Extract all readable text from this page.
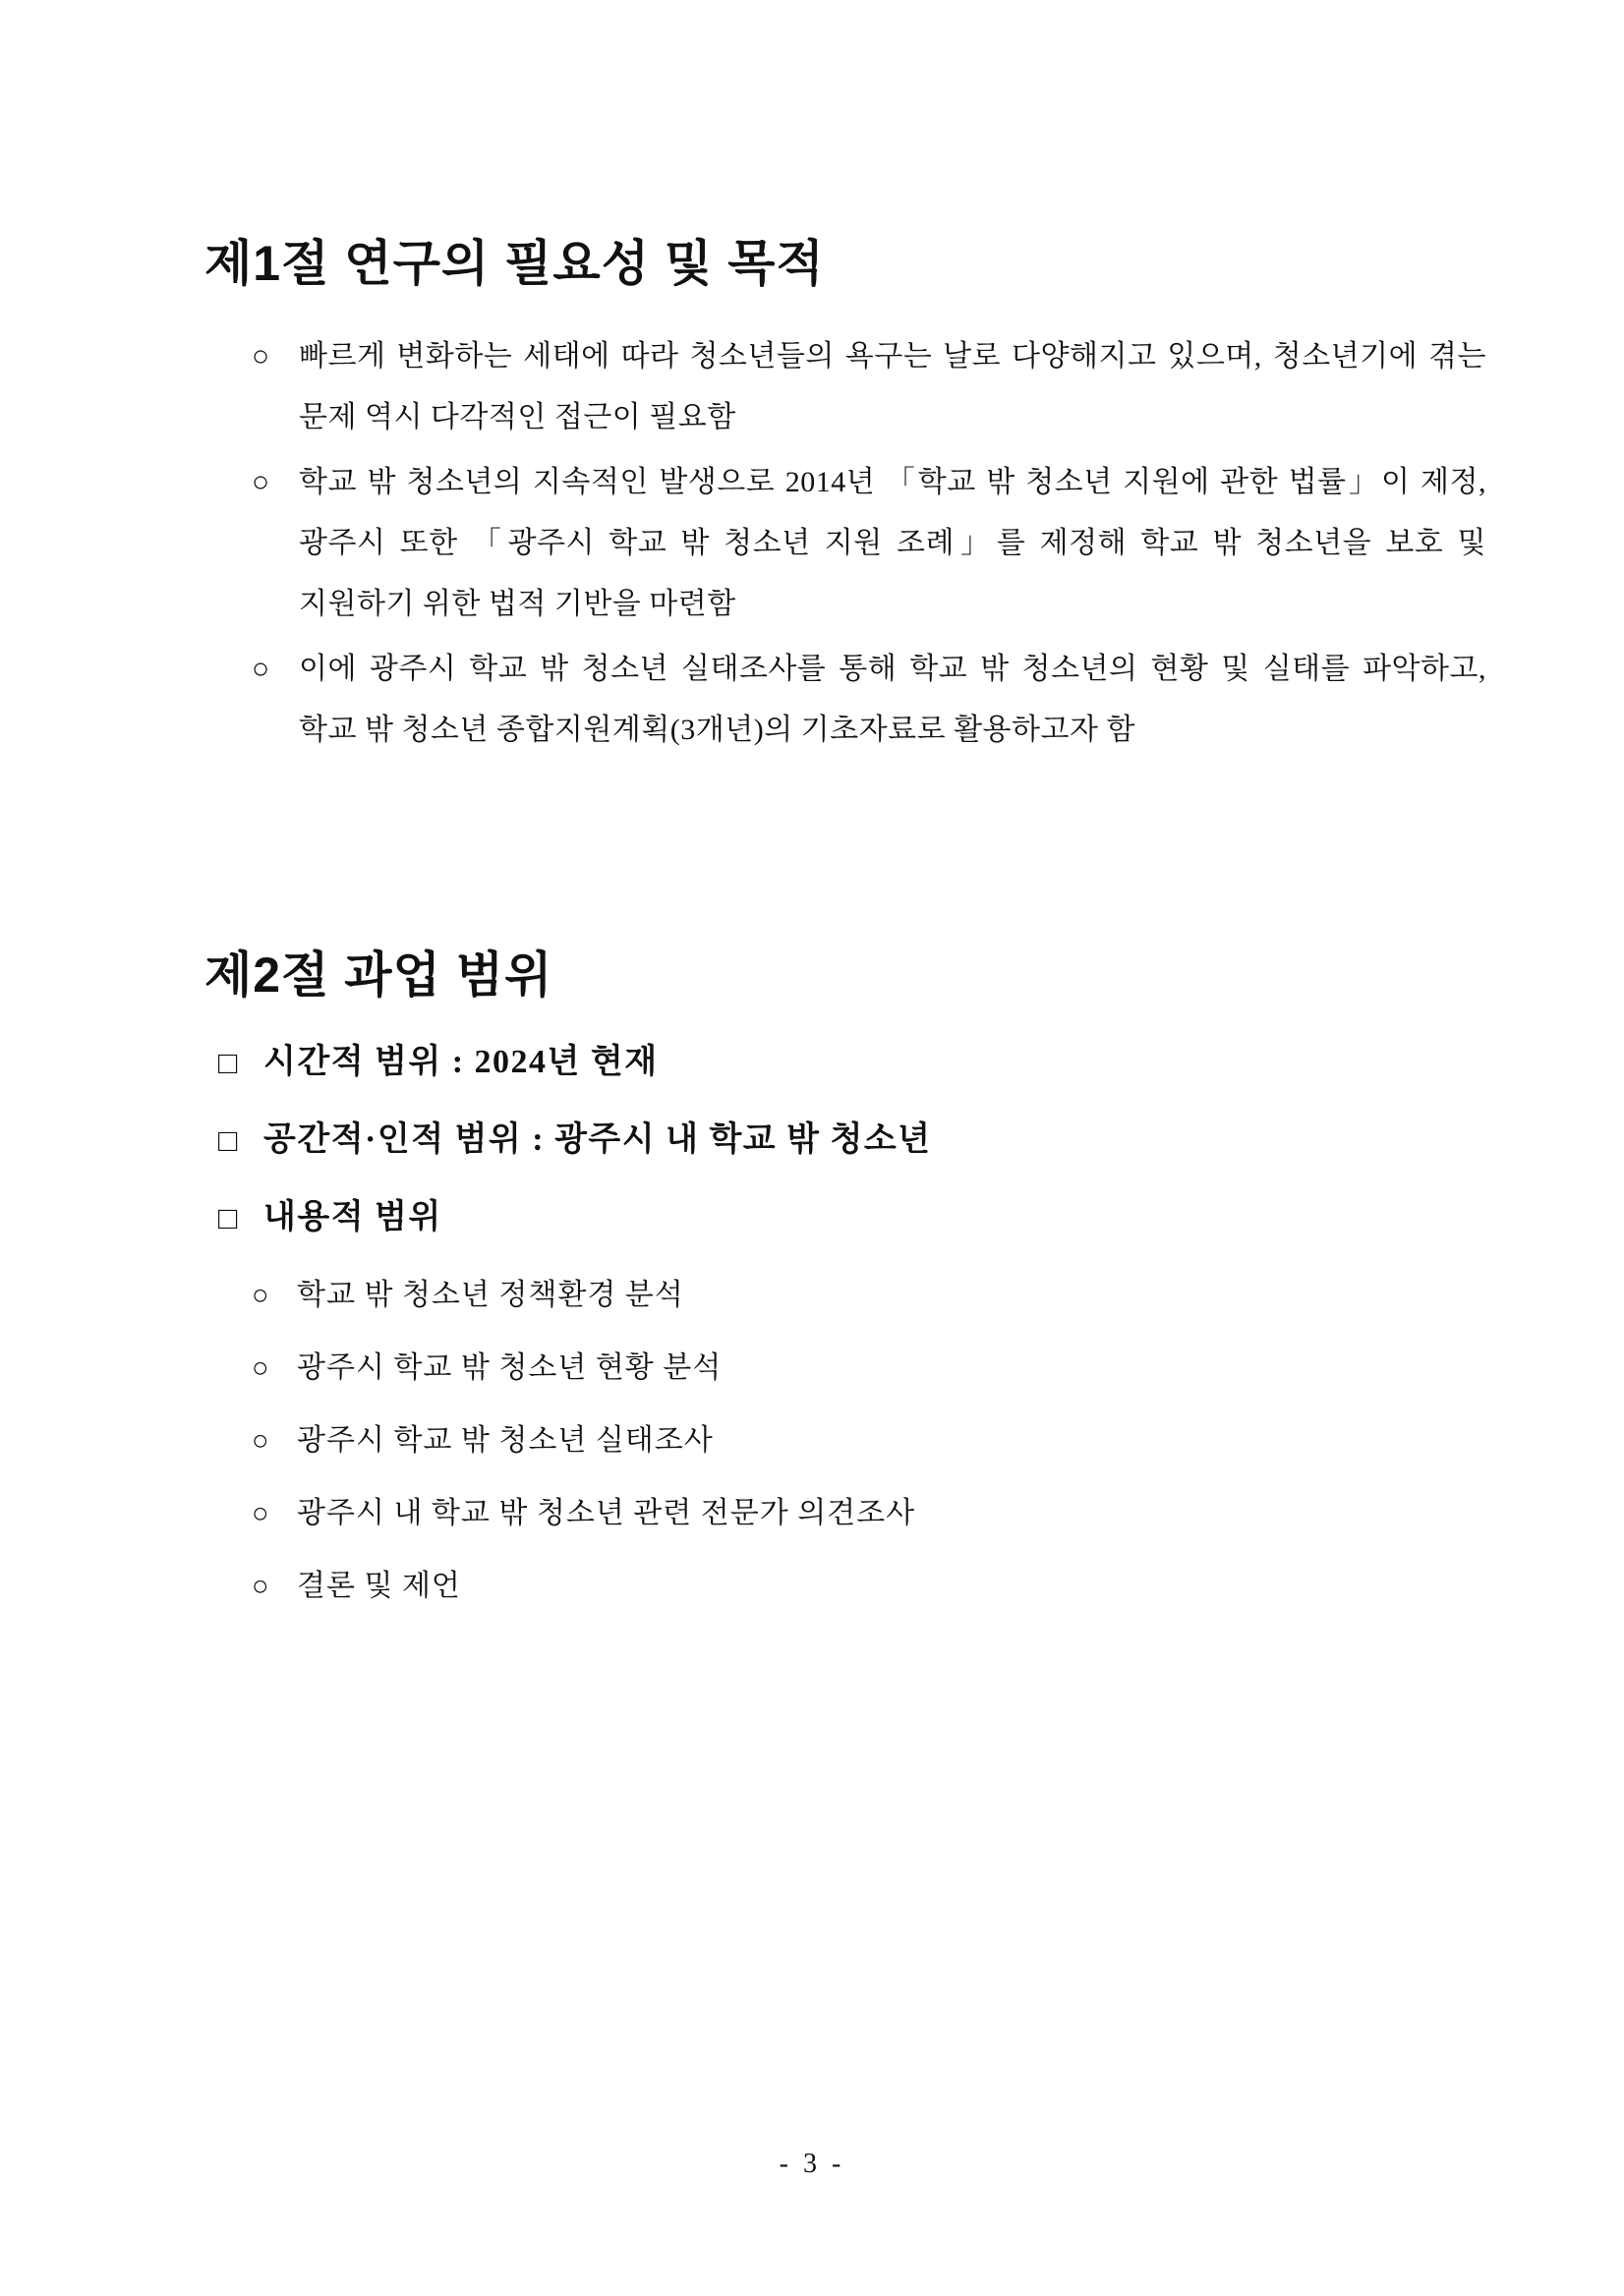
제1절 연구의 필요성 및 목적
○ 빠르게 변화하는 세태에 따라 청소년들의 욕구는 날로 다양해지고 있으며, 청소년기에 겪는 문제 역시 다각적인 접근이 필요함

○ 학교 밖 청소년의 지속적인 발생으로 2014년 「학교 밖 청소년 지원에 관한 법률」이 제정, 광주시 또한 「광주시 학교 밖 청소년 지원 조례」를 제정해 학교 밖 청소년을 보호 및 지원하기 위한 법적 기반을 마련함

○ 이에 광주시 학교 밖 청소년 실태조사를 통해 학교 밖 청소년의 현황 및 실태를 파악하고, 학교 밖 청소년 종합지원계획(3개년)의 기초자료로 활용하고자 함

제2절 과업 범위
□ 시간적 범위 : 2024년 현재
□ 공간적·인적 범위 : 광주시 내 학교 밖 청소년
□ 내용적 범위
○ 학교 밖 청소년 정책환경 분석
○ 광주시 학교 밖 청소년 현황 분석
○ 광주시 학교 밖 청소년 실태조사
○ 광주시 내 학교 밖 청소년 관련 전문가 의견조사
○ 결론 및 제언
- 3 -
